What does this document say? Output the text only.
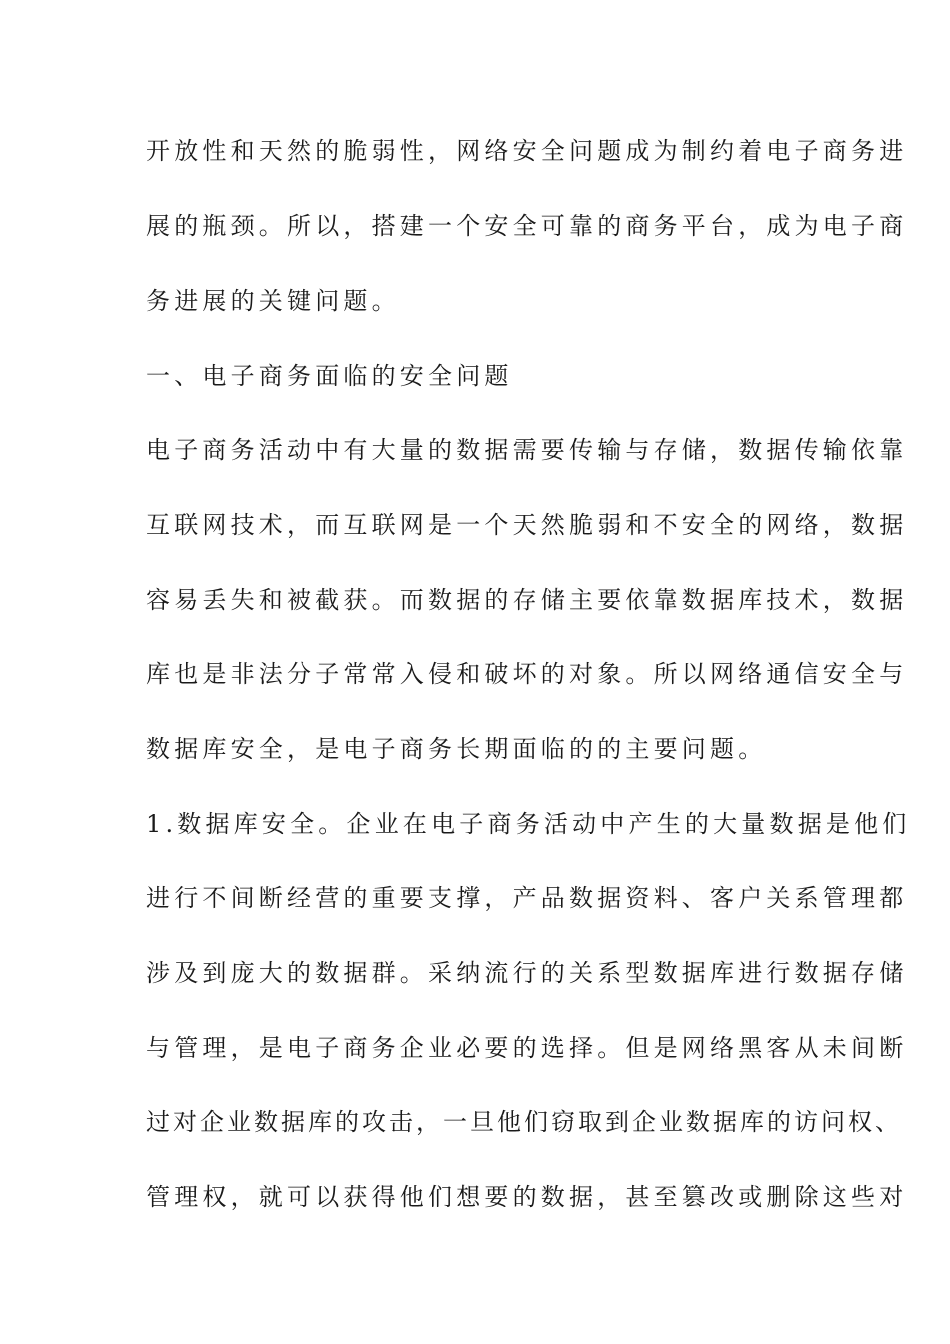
开放性和天然的脆弱性，网络安全问题成为制约着电子商务进
展的瓶颈。所以，搭建一个安全可靠的商务平台，成为电子商
务进展的关键问题。
一、电子商务面临的安全问题
电子商务活动中有大量的数据需要传输与存储，数据传输依靠
互联网技术，而互联网是一个天然脆弱和不安全的网络，数据
容易丢失和被截获。而数据的存储主要依靠数据库技术，数据
库也是非法分子常常入侵和破坏的对象。所以网络通信安全与
数据库安全，是电子商务长期面临的的主要问题。
1.数据库安全。企业在电子商务活动中产生的大量数据是他们
进行不间断经营的重要支撑，产品数据资料、客户关系管理都
涉及到庞大的数据群。采纳流行的关系型数据库进行数据存储
与管理，是电子商务企业必要的选择。但是网络黑客从未间断
过对企业数据库的攻击，一旦他们窃取到企业数据库的访问权、
管理权，就可以获得他们想要的数据，甚至篡改或删除这些对
